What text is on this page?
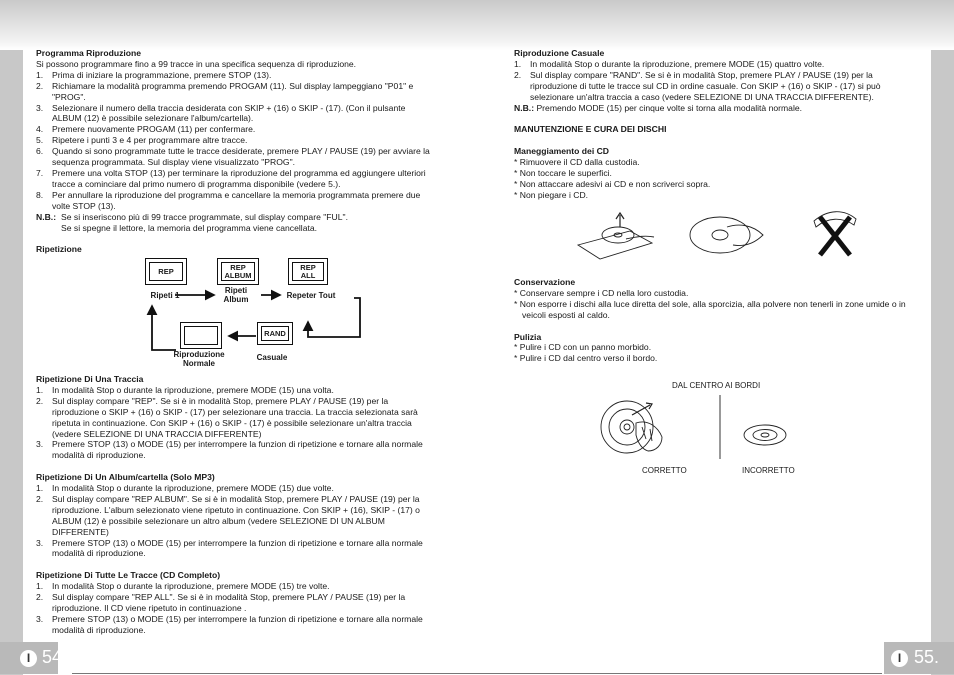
Programma Riproduzione

Si possono programmare fino a 99 tracce in una specifica sequenza di riproduzione.

1. Prima di iniziare la programmazione, premere STOP (13).
2. Richiamare la modalità programma premendo PROGAM (11). Sul display lampeggiano "P01" e "PROG".
3. Selezionare il numero della traccia desiderata con SKIP + (16) o SKIP - (17). (Con il pulsante ALBUM (12) è possibile selezionare l'album/cartella).
4. Premere nuovamente PROGAM (11) per confermare.
5. Ripetere i punti 3 e 4 per programmare altre tracce.
6. Quando si sono programmate tutte le tracce desiderate, premere PLAY / PAUSE (19) per avviare la sequenza programmata. Sul display viene visualizzato "PROG".
7. Premere una volta STOP (13) per terminare la riproduzione del programma ed aggiungere ulteriori tracce a cominciare dal primo numero di programma disponibile (vedere 5.).
8. Per annullare la riproduzione del programma e cancellare la memoria programmata premere due volte STOP (13).
N.B.: Se si inseriscono più di 99 tracce programmate, sul display compare "FUL".
Se si spegne il lettore, la memoria del programma viene cancellata.

Ripetizione

REP	REP ALBUM
REP ALL
RAND
Ripeti 1
Ripeti Album	Repeter Tout
Riproduzione Normale
Casuale

Ripetizione Di Una Traccia

1. In modalità Stop o durante la riproduzione, premere MODE (15) una volta.
2. Sul display compare "REP". Se si è in modalità Stop, premere PLAY / PAUSE (19) per la riproduzione o SKIP + (16) o SKIP - (17) per selezionare una traccia. La traccia selezionata sarà ripetuta in continuazione. Con SKIP + (16) o SKIP - (17) è possibile selezionare un'altra traccia (vedere SELEZIONE DI UNA TRACCIA DIFFERENTE)
3. Premere STOP (13) o MODE (15) per interrompere la funzion di ripetizione e tornare alla normale modalità di riproduzione.

Ripetizione Di Un Album/cartella (Solo MP3)

1. In modalità Stop o durante la riproduzione, premere MODE (15) due volte.
2. Sul display compare "REP ALBUM". Se si è in modalità Stop, premere PLAY / PAUSE (19) per la riproduzione. L'album selezionato viene ripetuto in continuazione. Con SKIP + (16), SKIP - (17) o ALBUM (12) è possibile selezionare un altro album (vedere SELEZIONE DI UN ALBUM DIFFERENTE)
3. Premere STOP (13) o MODE (15) per interrompere la funzion di ripetizione e tornare alla normale modalità di riproduzione.

Ripetizione Di Tutte Le Tracce (CD Completo)

1. In modalità Stop o durante la riproduzione, premere MODE (15) tre volte.
2. Sul display compare "REP ALL". Se si è in modalità Stop, premere PLAY / PAUSE (19) per la riproduzione. Il CD viene ripetuto in continuazione .
3. Premere STOP (13) o MODE (15) per interrompere la funzion di ripetizione e tornare alla normale modalità di riproduzione.

Riproduzione Casuale

1. In modalità Stop o durante la riproduzione, premere MODE (15) quattro volte.
2. Sul display compare "RAND". Se si è in modalità Stop, premere PLAY / PAUSE (19) per la riproduzione di tutte le tracce sul CD in ordine casuale. Con SKIP + (16) o SKIP - (17) si può selezionare un'altra traccia a caso (vedere SELEZIONE DI UNA TRACCIA DIFFERENTE).

N.B.: Premendo MODE (15) per cinque volte si torna alla modalità normale.

MANUTENZIONE E CURA DEI DISCHI

Maneggiamento dei CD

* Rimuovere il CD dalla custodia.
* Non toccare le superfici.
* Non attaccare adesivi ai CD e non scriverci sopra.
* Non piegare i CD.

Conservazione

* Conservare sempre i CD nella loro custodia.
* Non esporre i dischi alla luce diretta del sole, alla sporcizia, alla polvere non tenerli in zone umide o in veicoli esposti al caldo.

Pulizia

* Pulire i CD con un panno morbido.
* Pulire i CD dal centro verso il bordo.
DAL CENTRO AI BORDI
CORRETTO	INCORRETTO
I 54.	I 55.
